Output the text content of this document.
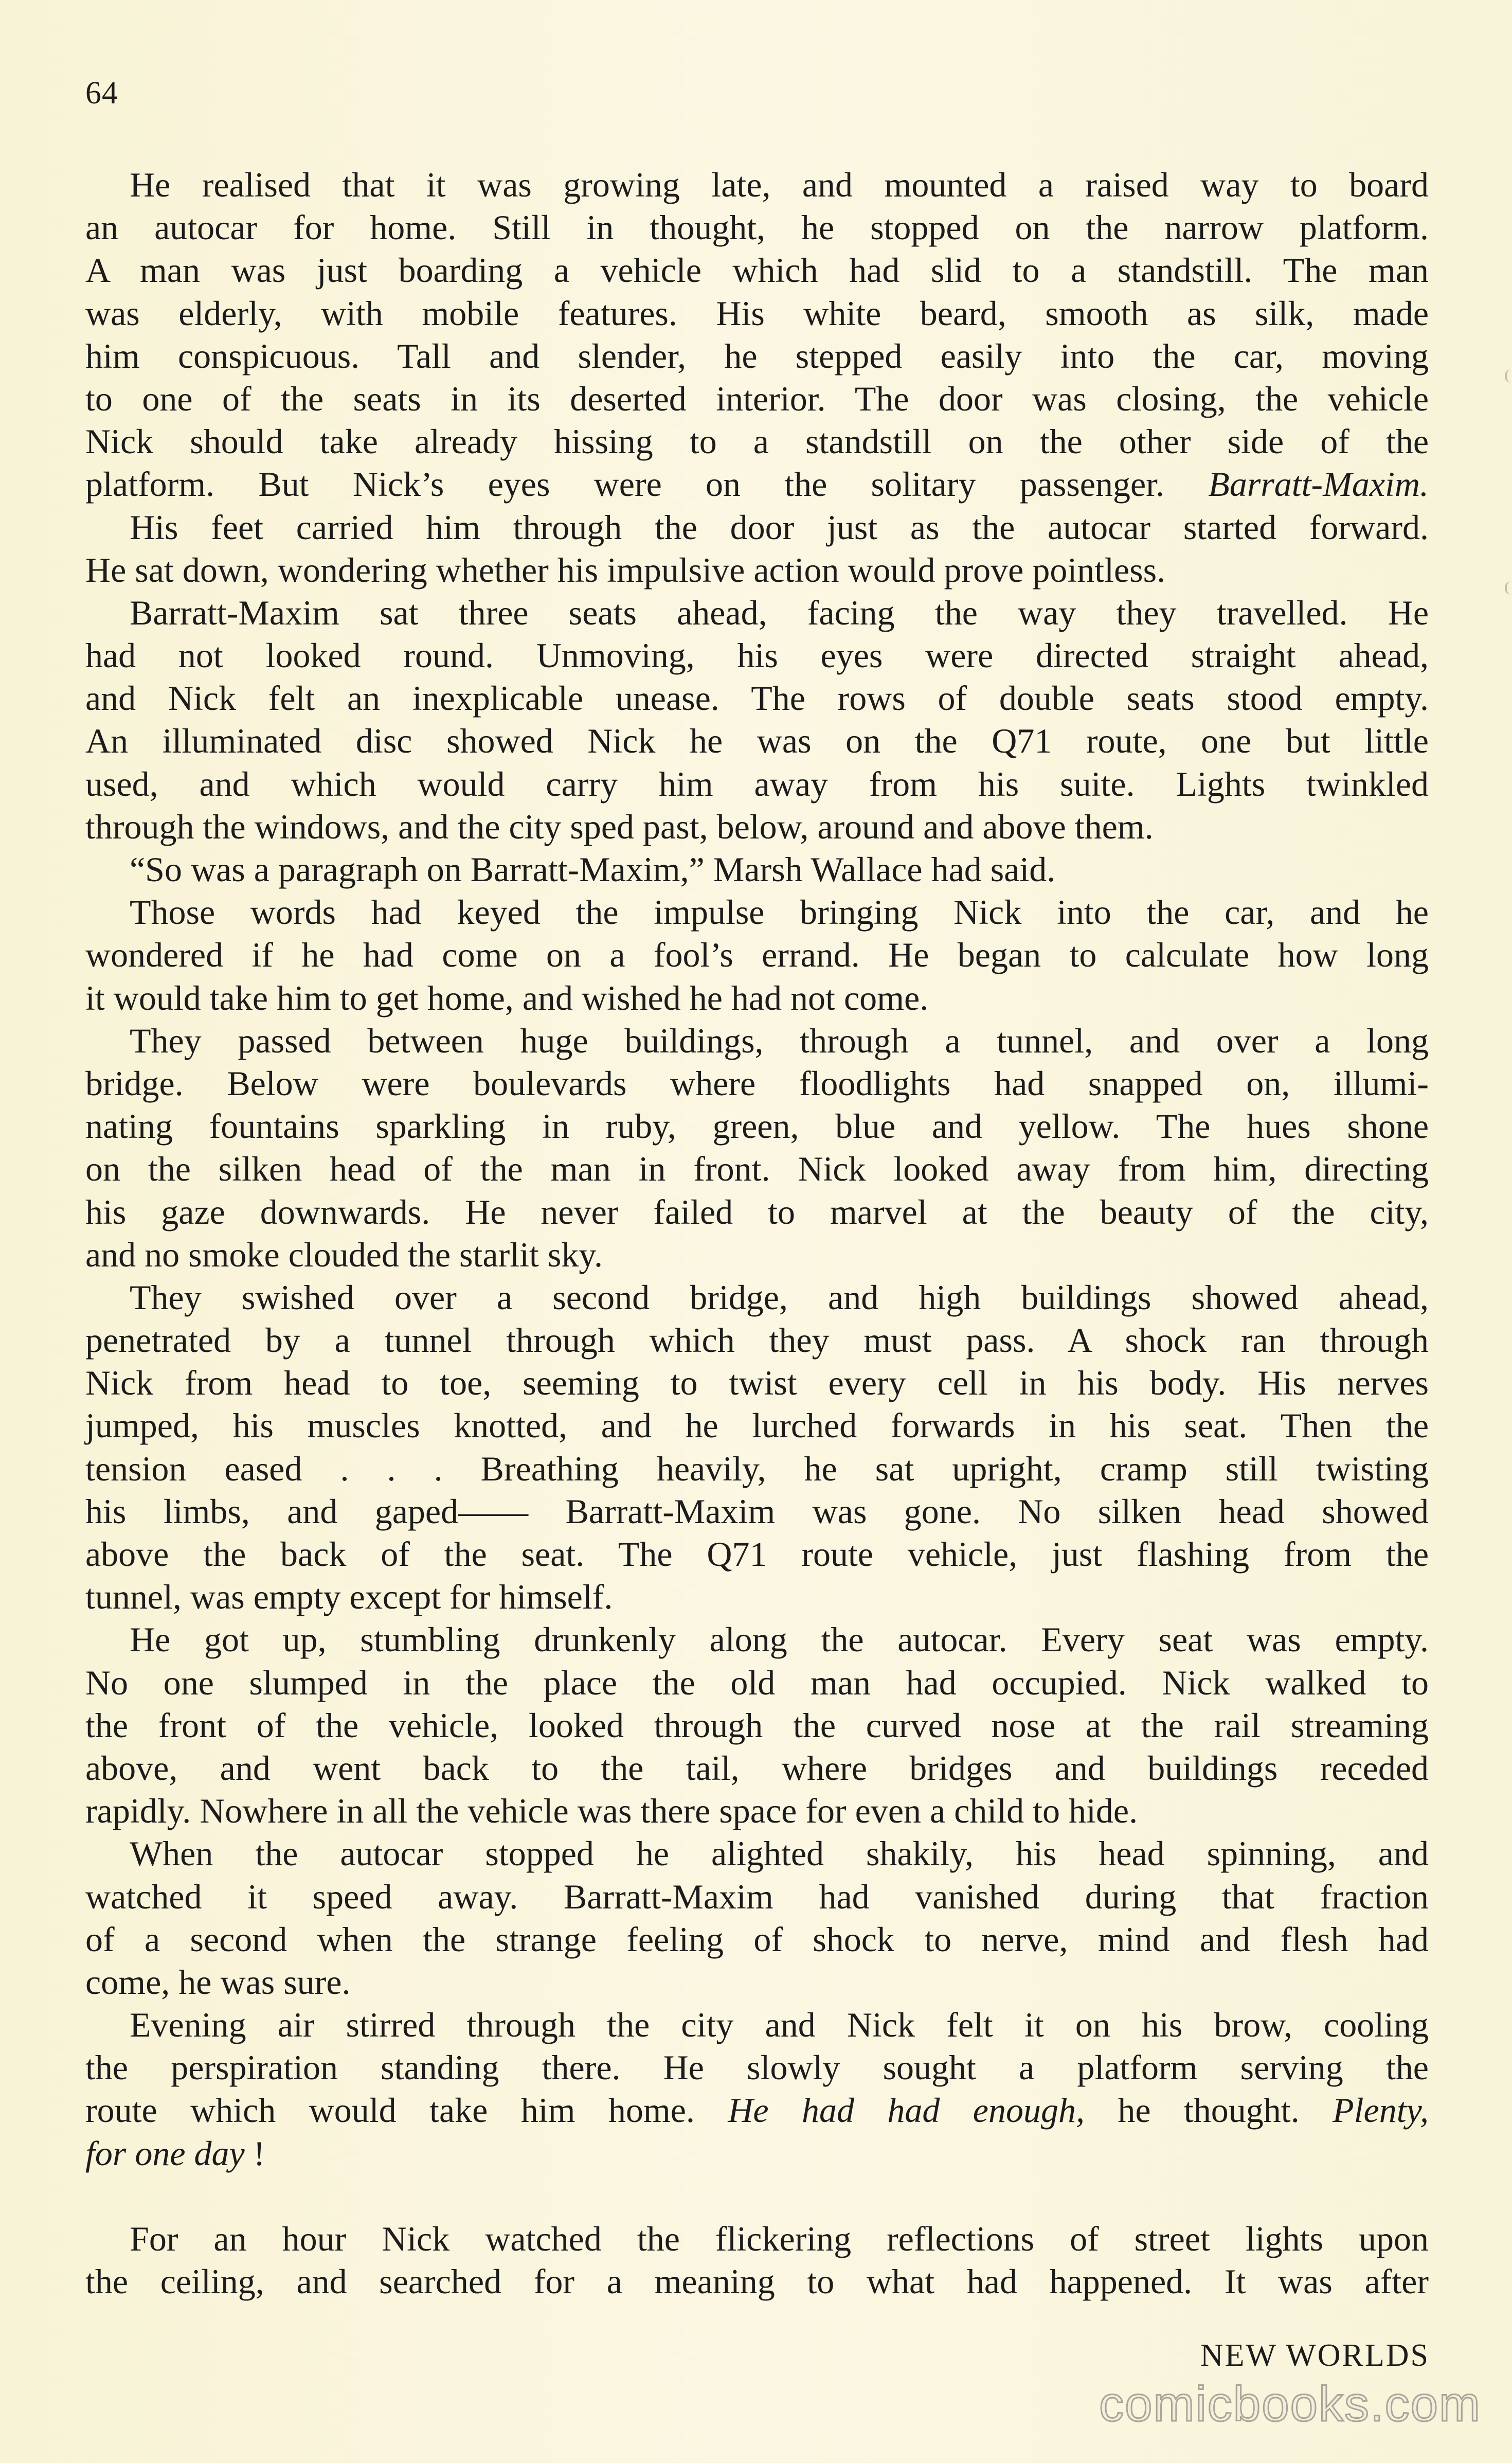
64
He realised that it was growing late, and mounted a raised way to board
an autocar for home. Still in thought, he stopped on the narrow platform.
A man was just boarding a vehicle which had slid to a standstill. The man
was elderly, with mobile features. His white beard, smooth as silk, made
him conspicuous. Tall and slender, he stepped easily into the car, moving
to one of the seats in its deserted interior. The door was closing, the vehicle
Nick should take already hissing to a standstill on the other side of the
platform. But Nick’s eyes were on the solitary passenger. Barratt-Maxim.
His feet carried him through the door just as the autocar started forward.
He sat down, wondering whether his impulsive action would prove pointless.
Barratt-Maxim sat three seats ahead, facing the way they travelled. He
had not looked round. Unmoving, his eyes were directed straight ahead,
and Nick felt an inexplicable unease. The rows of double seats stood empty.
An illuminated disc showed Nick he was on the Q71 route, one but little
used, and which would carry him away from his suite. Lights twinkled
through the windows, and the city sped past, below, around and above them.
“So was a paragraph on Barratt-Maxim,” Marsh Wallace had said.
Those words had keyed the impulse bringing Nick into the car, and he
wondered if he had come on a fool’s errand. He began to calculate how long
it would take him to get home, and wished he had not come.
They passed between huge buildings, through a tunnel, and over a long
bridge. Below were boulevards where floodlights had snapped on, illumi-
nating fountains sparkling in ruby, green, blue and yellow. The hues shone
on the silken head of the man in front. Nick looked away from him, directing
his gaze downwards. He never failed to marvel at the beauty of the city,
and no smoke clouded the starlit sky.
They swished over a second bridge, and high buildings showed ahead,
penetrated by a tunnel through which they must pass. A shock ran through
Nick from head to toe, seeming to twist every cell in his body. His nerves
jumped, his muscles knotted, and he lurched forwards in his seat. Then the
tension eased . . . Breathing heavily, he sat upright, cramp still twisting
his limbs, and gaped—— Barratt-Maxim was gone. No silken head showed
above the back of the seat. The Q71 route vehicle, just flashing from the
tunnel, was empty except for himself.
He got up, stumbling drunkenly along the autocar. Every seat was empty.
No one slumped in the place the old man had occupied. Nick walked to
the front of the vehicle, looked through the curved nose at the rail streaming
above, and went back to the tail, where bridges and buildings receded
rapidly. Nowhere in all the vehicle was there space for even a child to hide.
When the autocar stopped he alighted shakily, his head spinning, and
watched it speed away. Barratt-Maxim had vanished during that fraction
of a second when the strange feeling of shock to nerve, mind and flesh had
come, he was sure.
Evening air stirred through the city and Nick felt it on his brow, cooling
the perspiration standing there. He slowly sought a platform serving the
route which would take him home. He had had enough, he thought. Plenty,
for one day !
For an hour Nick watched the flickering reflections of street lights upon
the ceiling, and searched for a meaning to what had happened. It was after
NEW WORLDS
comicbooks.com
